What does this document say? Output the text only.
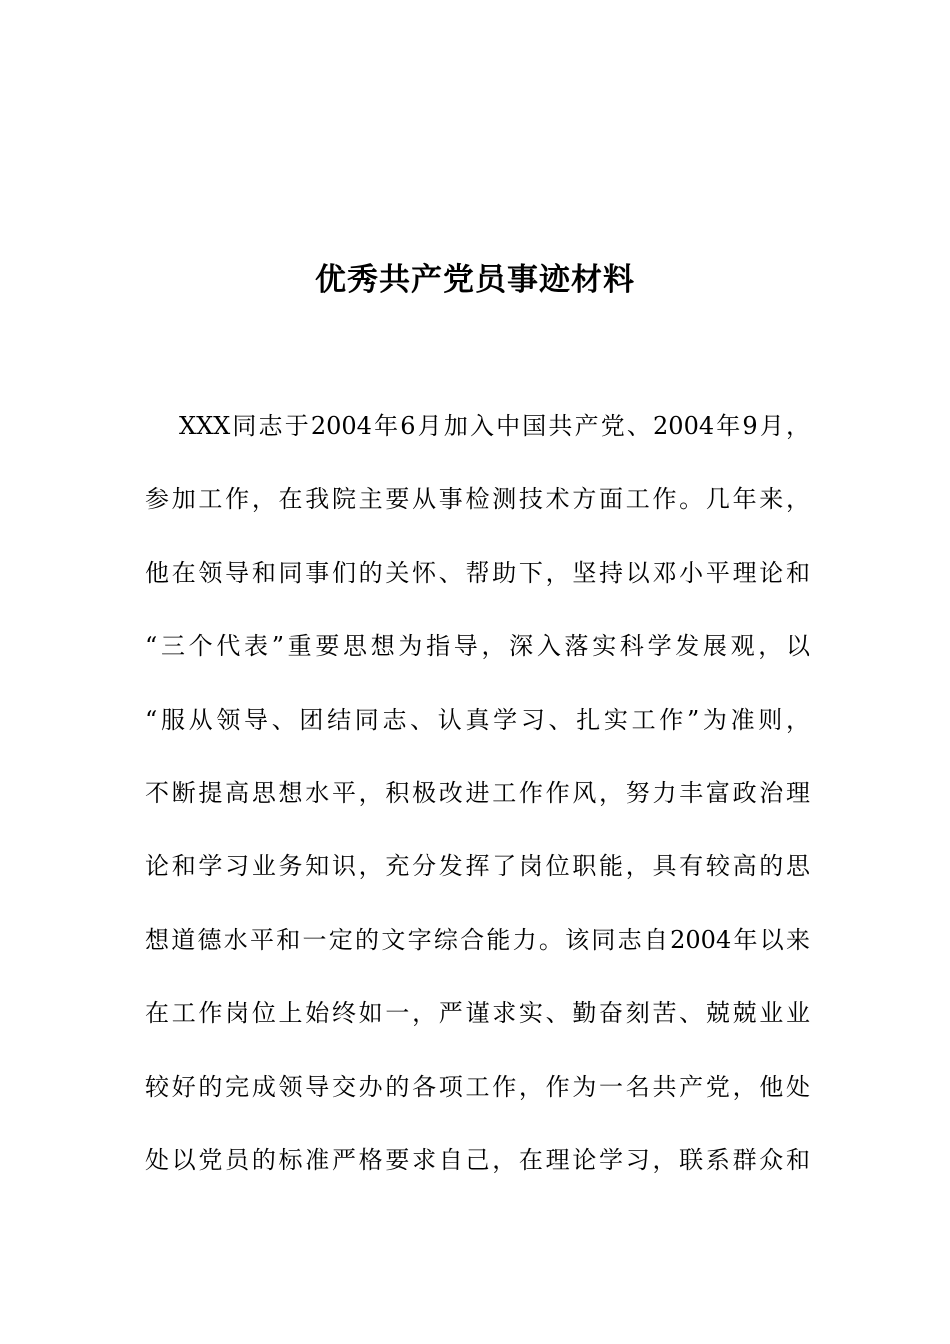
优秀共产党员事迹材料
XXX同志于2004年6月加入中国共产党、2004年9月，
参加工作，在我院主要从事检测技术方面工作。几年来，
他在领导和同事们的关怀、帮助下，坚持以邓小平理论和
“三个代表”重要思想为指导，深入落实科学发展观，以
“服从领导、团结同志、认真学习、扎实工作”为准则，
不断提高思想水平，积极改进工作作风，努力丰富政治理
论和学习业务知识，充分发挥了岗位职能，具有较高的思
想道德水平和一定的文字综合能力。该同志自2004年以来
在工作岗位上始终如一，严谨求实、勤奋刻苦、兢兢业业
较好的完成领导交办的各项工作，作为一名共产党，他处
处以党员的标准严格要求自己，在理论学习，联系群众和
